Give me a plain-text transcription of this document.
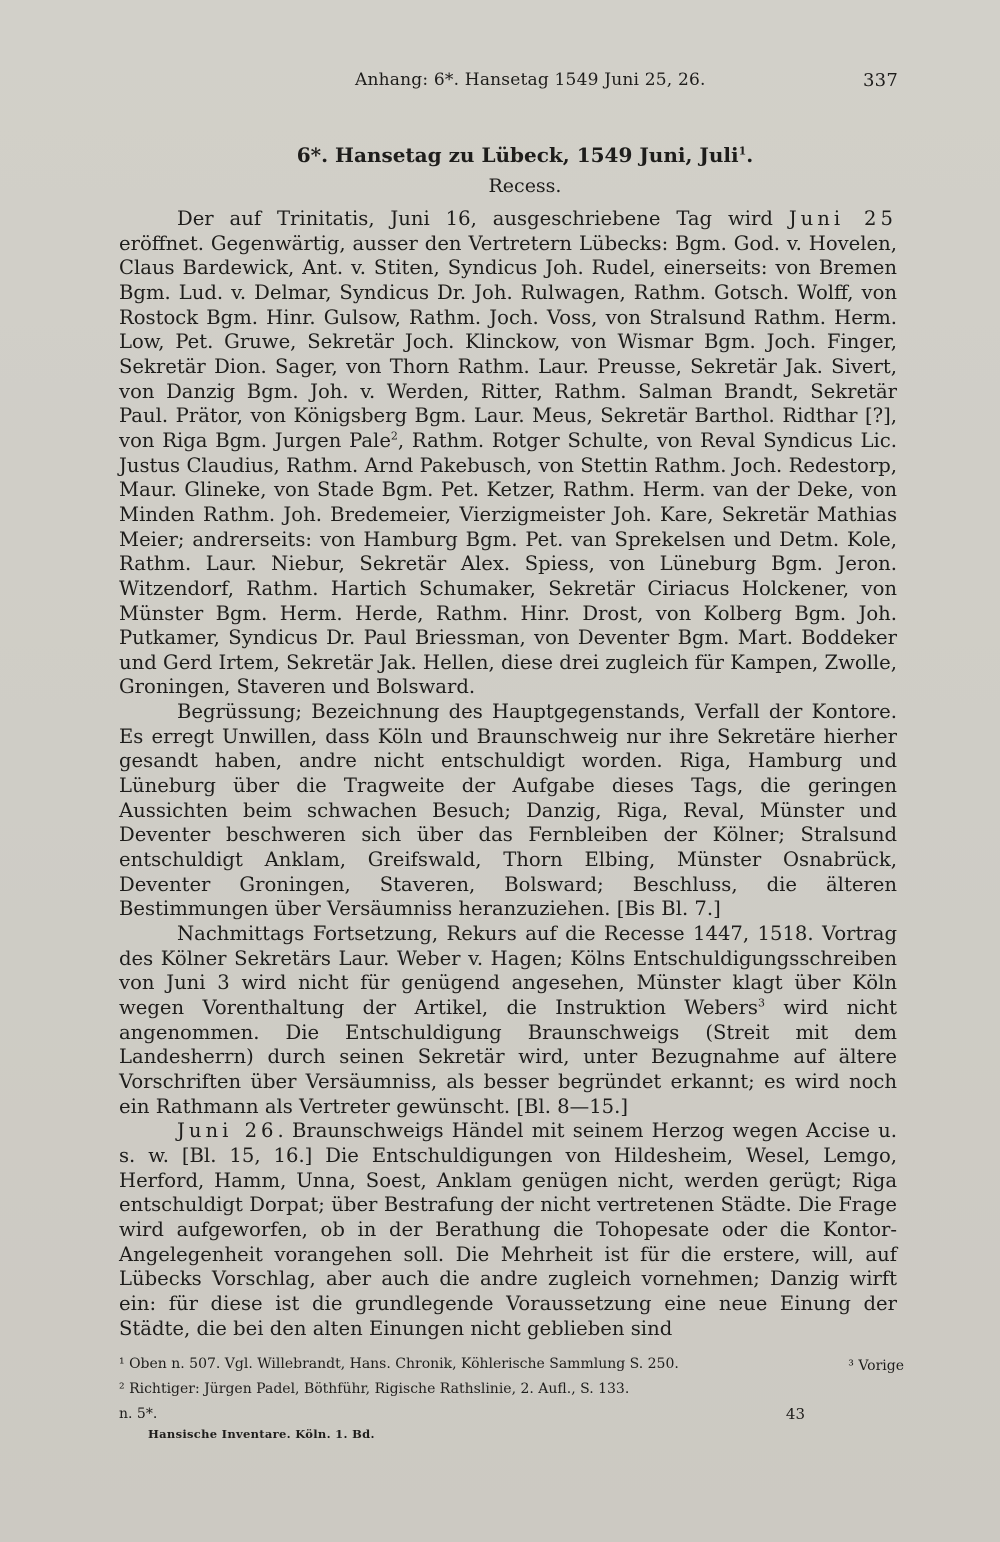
Anhang: 6*. Hansetag 1549 Juni 25, 26.	337
6*. Hansetag zu Lübeck, 1549 Juni, Juli$^1$.
Recess.

Der auf Trinitatis, Juni 16, ausgeschriebene Tag wird Juni 25 eröffnet. Gegenwärtig, ausser den Vertretern Lübecks: Bgm. God. v. Hovelen, Claus Bardewick, Ant. v. Stiten, Syndicus Joh. Rudel, einerseits: von Bremen Bgm. Lud. v. Delmar, Syndicus Dr. Joh. Rulwagen, Rathm. Gotsch. Wolff, von Rostock Bgm. Hinr. Gulsow, Rathm. Joch. Voss, von Stralsund Rathm. Herm. Low, Pet. Gruwe, Sekretär Joch. Klinckow, von Wismar Bgm. Joch. Finger, Sekretär Dion. Sager, von Thorn Rathm. Laur. Preusse, Sekretär Jak. Sivert, von Danzig Bgm. Joh. v. Werden, Ritter, Rathm. Salman Brandt, Sekretär Paul. Prätor, von Königsberg Bgm. Laur. Meus, Sekretär Barthol. Ridthar [?], von Riga Bgm. Jurgen Pale$^2$, Rathm. Rotger Schulte, von Reval Syndicus Lic. Justus Claudius, Rathm. Arnd Pakebusch, von Stettin Rathm. Joch. Redestorp, Maur. Glineke, von Stade Bgm. Pet. Ketzer, Rathm. Herm. van der Deke, von Minden Rathm. Joh. Bredemeier, Vierzigmeister Joh. Kare, Sekretär Mathias Meier; andrerseits: von Hamburg Bgm. Pet. van Sprekelsen und Detm. Kole, Rathm. Laur. Niebur, Sekretär Alex. Spiess, von Lüneburg Bgm. Jeron. Witzendorf, Rathm. Hartich Schumaker, Sekretär Ciriacus Holckener, von Münster Bgm. Herm. Herde, Rathm. Hinr. Drost, von Kolberg Bgm. Joh. Putkamer, Syndicus Dr. Paul Briessman, von Deventer Bgm. Mart. Boddeker und Gerd Irtem, Sekretär Jak. Hellen, diese drei zugleich für Kampen, Zwolle, Groningen, Staveren und Bolsward.

Begrüssung; Bezeichnung des Hauptgegenstands, Verfall der Kontore. Es erregt Unwillen, dass Köln und Braunschweig nur ihre Sekretäre hierher gesandt haben, andre nicht entschuldigt worden. Riga, Hamburg und Lüneburg über die Tragweite der Aufgabe dieses Tags, die geringen Aussichten beim schwachen Besuch; Danzig, Riga, Reval, Münster und Deventer beschweren sich über das Fernbleiben der Kölner; Stralsund entschuldigt Anklam, Greifswald, Thorn Elbing, Münster Osnabrück, Deventer Groningen, Staveren, Bolsward; Beschluss, die älteren Bestimmungen über Versäumniss heranzuziehen. [Bis Bl. 7.]

Nachmittags Fortsetzung, Rekurs auf die Recesse 1447, 1518. Vortrag des Kölner Sekretärs Laur. Weber v. Hagen; Kölns Entschuldigungsschreiben von Juni 3 wird nicht für genügend angesehen, Münster klagt über Köln wegen Vorenthaltung der Artikel, die Instruktion Webers$^3$ wird nicht angenommen. Die Entschuldigung Braunschweigs (Streit mit dem Landesherrn) durch seinen Sekretär wird, unter Bezugnahme auf ältere Vorschriften über Versäumniss, als besser begründet erkannt; es wird noch ein Rathmann als Vertreter gewünscht. [Bl. 8—15.]

Juni 26. Braunschweigs Händel mit seinem Herzog wegen Accise u. s. w. [Bl. 15, 16.] Die Entschuldigungen von Hildesheim, Wesel, Lemgo, Herford, Hamm, Unna, Soest, Anklam genügen nicht, werden gerügt; Riga entschuldigt Dorpat; über Bestrafung der nicht vertretenen Städte. Die Frage wird aufgeworfen, ob in der Berathung die Tohopesate oder die Kontor-Angelegenheit vorangehen soll. Die Mehrheit ist für die erstere, will, auf Lübecks Vorschlag, aber auch die andre zugleich vornehmen; Danzig wirft ein: für diese ist die grundlegende Voraussetzung eine neue Einung der Städte, die bei den alten Einungen nicht geblieben sind

¹ Oben n. 507. Vgl. Willebrandt, Hans. Chronik, Köhlerische Sammlung S. 250.	³ Vorige
² Richtiger: Jürgen Padel, Böthführ, Rigische Rathslinie, 2. Aufl., S. 133.
n. 5*.	43
Hansische Inventare. Köln. 1. Bd.
